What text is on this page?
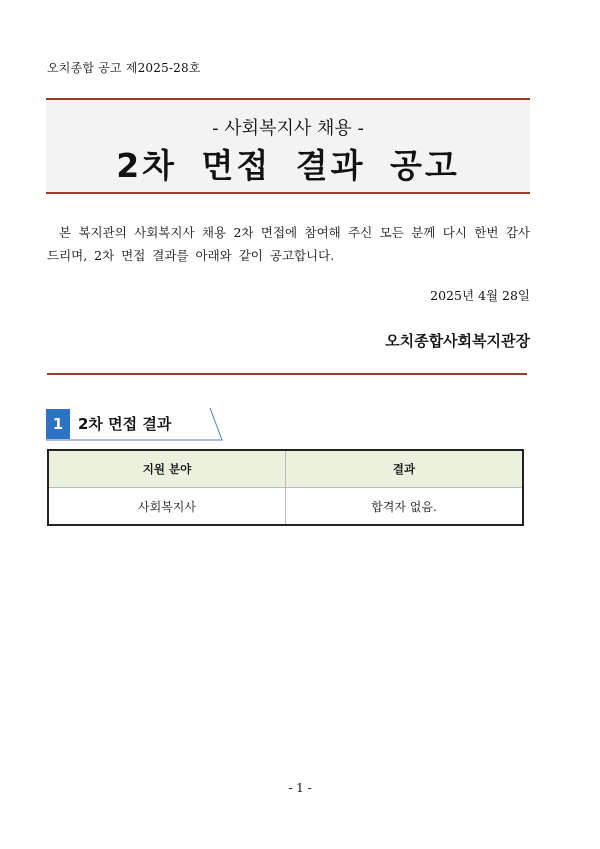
오치종합 공고 제2025-28호
- 사회복지사 채용 -
2차 면접 결과 공고
본 복지관의 사회복지사 채용 2차 면접에 참여해 주신 모든 분께 다시 한번 감사드리며, 2차 면접 결과를 아래와 같이 공고합니다.
2025년 4월 28일
오치종합사회복지관장
1 2차 면접 결과
지원 분야	결과
사회복지사	합격자 없음.
- 1 -
